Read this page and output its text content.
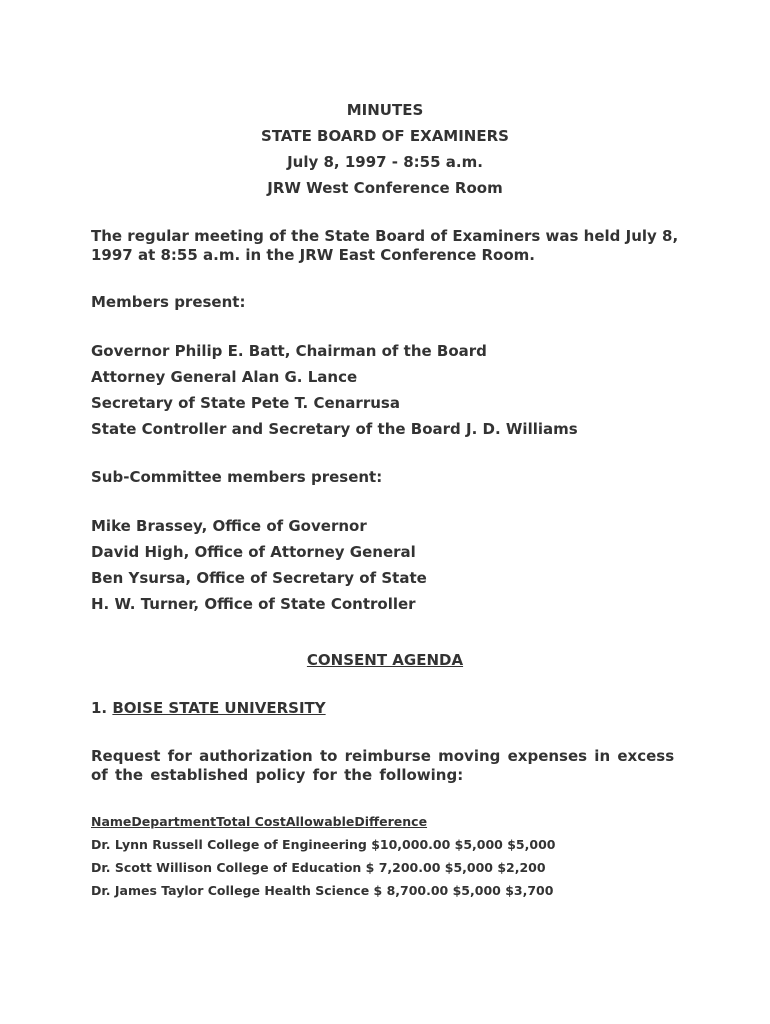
MINUTES
STATE BOARD OF EXAMINERS
July 8, 1997 - 8:55 a.m.
JRW West Conference Room
The regular meeting of the State Board of Examiners was held July 8, 1997 at 8:55 a.m. in the JRW East Conference Room.
Members present:
Governor Philip E. Batt, Chairman of the Board
Attorney General Alan G. Lance
Secretary of State Pete T. Cenarrusa
State Controller and Secretary of the Board J. D. Williams
Sub-Committee members present:
Mike Brassey, Office of Governor
David High, Office of Attorney General
Ben Ysursa, Office of Secretary of State
H. W. Turner, Office of State Controller
CONSENT AGENDA
1. BOISE STATE UNIVERSITY
Request for authorization to reimburse moving expenses in excess of the established policy for the following:
NameDepartmentTotal CostAllowableDifference
Dr. Lynn Russell College of Engineering $10,000.00 $5,000 $5,000
Dr. Scott Willison College of Education $ 7,200.00 $5,000 $2,200
Dr. James Taylor College Health Science $ 8,700.00 $5,000 $3,700
